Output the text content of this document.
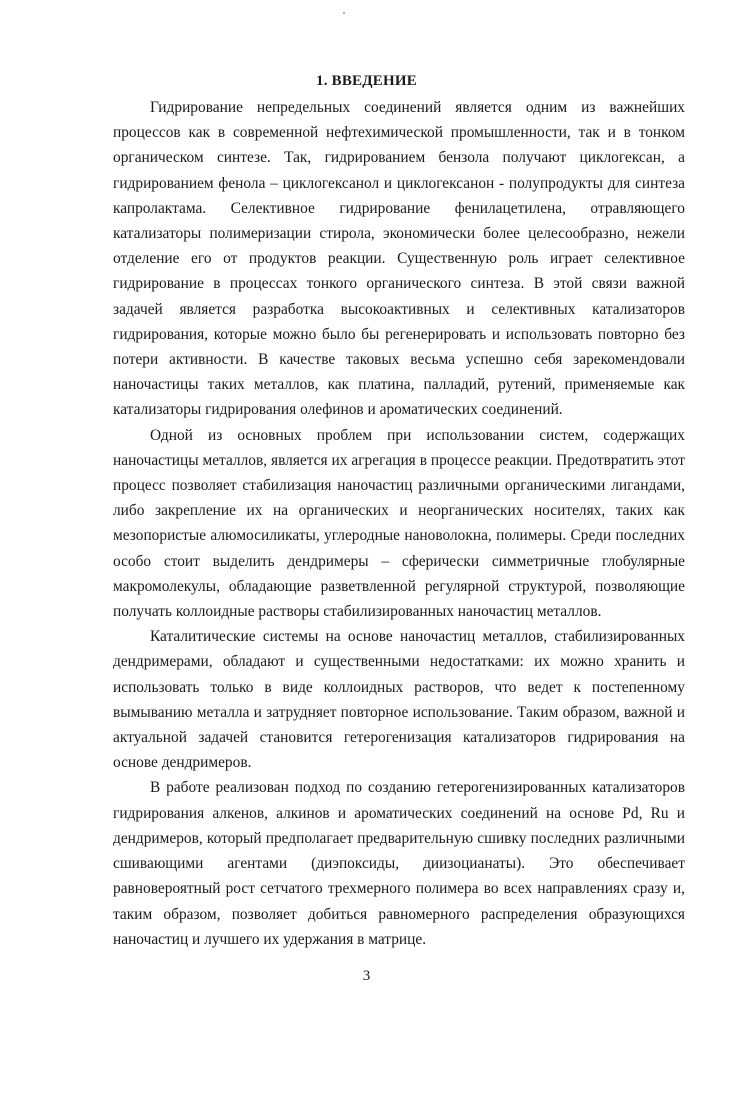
1. ВВЕДЕНИЕ

Гидрирование непредельных соединений является одним из важнейших процессов как в современной нефтехимической промышленности, так и в тонком органическом синтезе. Так, гидрированием бензола получают циклогексан, а гидрированием фенола – циклогексанол и циклогексанон - полупродукты для синтеза капролактама. Селективное гидрирование фенилацетилена, отравляющего катализаторы полимеризации стирола, экономически более целесообразно, нежели отделение его от продуктов реакции. Существенную роль играет селективное гидрирование в процессах тонкого органического синтеза. В этой связи важной задачей является разработка высокоактивных и селективных катализаторов гидрирования, которые можно было бы регенерировать и использовать повторно без потери активности. В качестве таковых весьма успешно себя зарекомендовали наночастицы таких металлов, как платина, палладий, рутений, применяемые как катализаторы гидрирования олефинов и ароматических соединений.

Одной из основных проблем при использовании систем, содержащих наночастицы металлов, является их агрегация в процессе реакции. Предотвратить этот процесс позволяет стабилизация наночастиц различными органическими лигандами, либо закрепление их на органических и неорганических носителях, таких как мезопористые алюмосиликаты, углеродные нановолокна, полимеры. Среди последних особо стоит выделить дендримеры – сферически симметричные глобулярные макромолекулы, обладающие разветвленной регулярной структурой, позволяющие получать коллоидные растворы стабилизированных наночастиц металлов.

Каталитические системы на основе наночастиц металлов, стабилизированных дендримерами, обладают и существенными недостатками: их можно хранить и использовать только в виде коллоидных растворов, что ведет к постепенному вымыванию металла и затрудняет повторное использование. Таким образом, важной и актуальной задачей становится гетерогенизация катализаторов гидрирования на основе дендримеров.

В работе реализован подход по созданию гетерогенизированных катализаторов гидрирования алкенов, алкинов и ароматических соединений на основе Pd, Ru и дендримеров, который предполагает предварительную сшивку последних различными сшивающими агентами (диэпоксиды, диизоцианаты). Это обеспечивает равновероятный рост сетчатого трехмерного полимера во всех направлениях сразу и, таким образом, позволяет добиться равномерного распределения образующихся наночастиц и лучшего их удержания в матрице.

3
